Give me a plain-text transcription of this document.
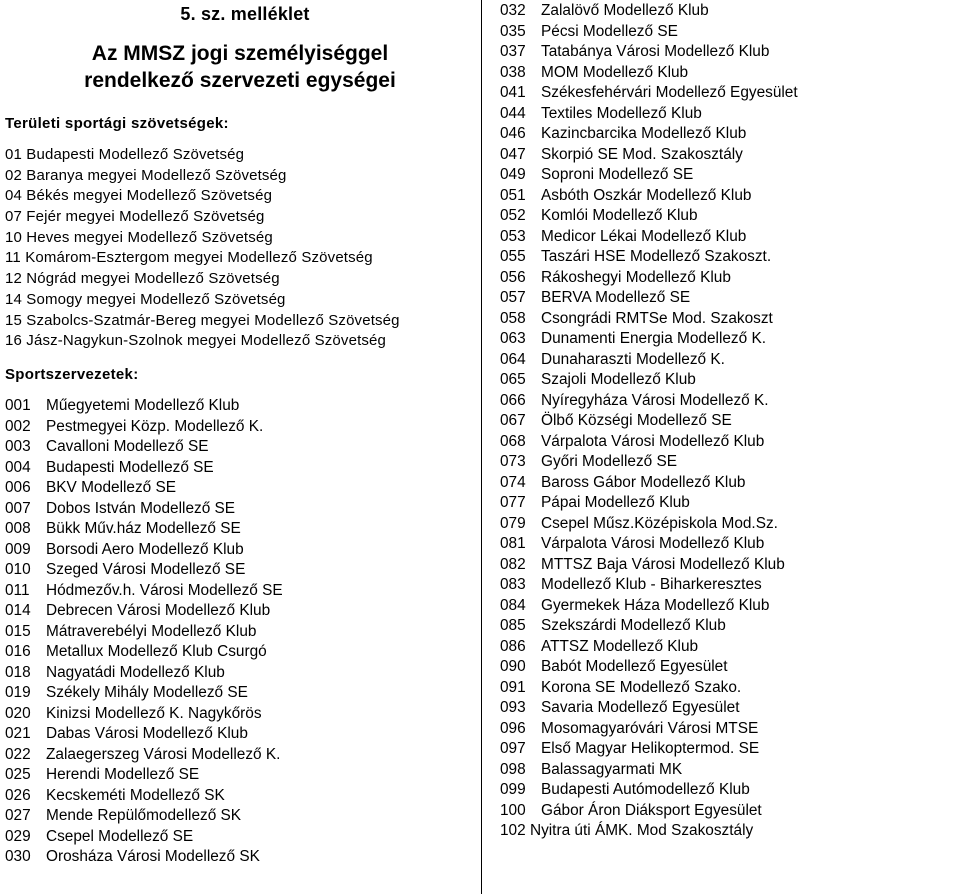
5. sz. melléklet
Az MMSZ jogi személyiséggel
rendelkező szervezeti egységei
Területi sportági szövetségek:
01 Budapesti Modellező Szövetség
02 Baranya megyei Modellező Szövetség
04 Békés megyei Modellező Szövetség
07 Fejér megyei Modellező Szövetség
10 Heves megyei Modellező Szövetség
11 Komárom-Esztergom megyei Modellező Szövetség
12 Nógrád megyei Modellező Szövetség
14 Somogy megyei Modellező Szövetség
15 Szabolcs-Szatmár-Bereg megyei Modellező Szövetség
16 Jász-Nagykun-Szolnok megyei Modellező Szövetség
Sportszervezetek:
001 Műegyetemi Modellező Klub
002 Pestmegyei Közp. Modellező K.
003 Cavalloni Modellező SE
004 Budapesti Modellező SE
006 BKV Modellező SE
007 Dobos István Modellező SE
008 Bükk Műv.ház Modellező SE
009 Borsodi Aero Modellező Klub
010 Szeged Városi Modellező SE
011 Hódmezőv.h. Városi Modellező SE
014 Debrecen Városi Modellező Klub
015 Mátraverebélyi Modellező Klub
016 Metallux Modellező Klub Csurgó
018 Nagyatádi Modellező Klub
019 Székely Mihály Modellező SE
020 Kinizsi Modellező K. Nagykőrös
021 Dabas Városi Modellező Klub
022 Zalaegerszeg Városi Modellező K.
025 Herendi Modellező SE
026 Kecskeméti Modellező SK
027 Mende Repülőmodellező SK
029 Csepel Modellező SE
030 Orosháza Városi Modellező SK
032 Zalalövő Modellező Klub
035 Pécsi Modellező SE
037 Tatabánya Városi Modellező Klub
038 MOM Modellező Klub
041 Székesfehérvári Modellező Egyesület
044 Textiles Modellező Klub
046 Kazincbarcika Modellező Klub
047 Skorpió SE Mod. Szakosztály
049 Soproni Modellező SE
051 Asbóth Oszkár Modellező Klub
052 Komlói Modellező Klub
053 Medicor Lékai Modellező Klub
055 Taszári HSE Modellező Szakoszt.
056 Rákoshegyi Modellező Klub
057 BERVA Modellező SE
058 Csongrádi RMTSe Mod. Szakoszt
063 Dunamenti Energia Modellező K.
064 Dunaharaszti Modellező K.
065 Szajoli Modellező Klub
066 Nyíregyháza Városi Modellező K.
067 Ölbő Községi Modellező SE
068 Várpalota Városi Modellező Klub
073 Győri Modellező SE
074 Baross Gábor Modellező Klub
077 Pápai Modellező Klub
079 Csepel Műsz.Középiskola Mod.Sz.
081 Várpalota Városi Modellező Klub
082 MTTSZ Baja Városi Modellező Klub
083 Modellező Klub - Biharkeresztes
084 Gyermekek Háza Modellező Klub
085 Szekszárdi Modellező Klub
086 ATTSZ Modellező Klub
090 Babót Modellező Egyesület
091 Korona SE Modellező Szako.
093 Savaria Modellező Egyesület
096 Mosomagyaróvári Városi MTSE
097 Első Magyar Helikoptermod. SE
098 Balassagyarmati MK
099 Budapesti Autómodellező Klub
100 Gábor Áron Diáksport Egyesület
102 Nyitra úti ÁMK. Mod Szakosztály
